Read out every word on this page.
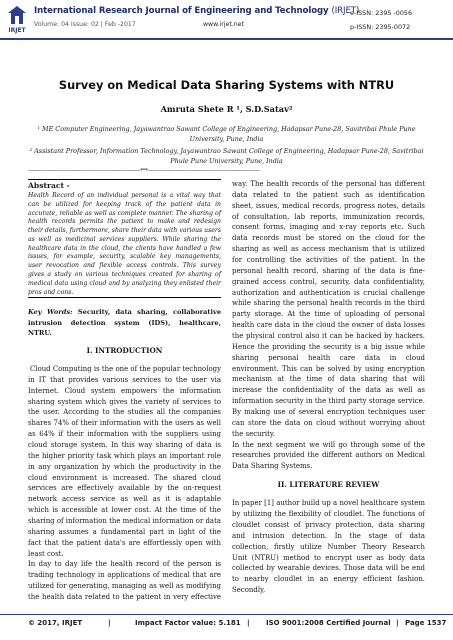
IRJET
International Research Journal of Engineering and Technology (IRJET)
Volume: 04 Issue: 02 | Feb -2017	www.irjet.net
e-ISSN: 2395 -0056
p-ISSN: 2395-0072
Survey on Medical Data Sharing Systems with NTRU
Amruta Shete R ¹, S.D.Satav²
¹ ME Computer Engineering, Jayawantrao Sawant College of Engineering, Hadapsar Pune-28, Savitribai Phule Pune University, Pune, India
² Assistant Professor, Information Technology, Jayawantrao Sawant College of Engineering, Hadapsar Pune-28, Savitribai Phule Pune University, Pune, India
------------------------------------------------------------------------***------------------------------------------------------------------------
Abstract -
Health Record of an individual personal is a vital way that can be utilized for keeping track of the patient data in accurate, reliable as well as complete manner. The sharing of health records permits the patient to make and redesign their details, furthermore, share their data with various users as well as medicinal services suppliers. While sharing the healthcare data in the cloud, the clients have handled a few issues, for example, security, scalable key managements, user revocation and flexible access controls. This survey gives a study on various techniques created for sharing of medical data using cloud and by analyzing they enlisted their pros and cons.
Key Words: Security, data sharing, collaborative intrusion detection system (IDS), healthcare, NTRU.
I. INTRODUCTION

Cloud Computing is the one of the popular technology in IT that provides various services to the user via Internet. Cloud system empowers the information sharing system which gives the variety of services to the user. According to the studies all the companies shares 74% of their information with the users as well as 64% if their information with the suppliers using cloud storage system. In this way sharing of data is the higher priority task which plays an important role in any organization by which the productivity in the cloud environment is increased. The shared cloud services are effectively available by the on-request network access service as well as it is adaptable which is accessible at lower cost. At the time of the sharing of information the medical information or data sharing assumes a fundamental part in light of the fact that the patient data's are effortlessly open with least cost.

In day to day life the health record of the person is trading technology in applications of medical that are utilized for generating, managing as well as modifying the health data related to the patient in very effective

way. The health records of the personal has different data related to the patient such as identification sheet, issues, medical records, progress notes, details of consultation, lab reports, immunization records, consent forms, imaging and x-ray reports etc. Such data records must be stored on the cloud for the sharing as well as access mechanism that is utilized for controlling the activities of the patient. In the personal health record, sharing of the data is fine-grained access control, security, data confidentiality, authorization and authentication is crucial challenge while sharing the personal health records in the third party storage. At the time of uploading of personal health care data in the cloud the owner of data losses the physical control also it can be hacked by hackers. Hence the providing the security is a big issue while sharing personal health care data in cloud environment. This can be solved by using encryption mechanism at the time of data sharing that will increase the confidentiality of the data as well as information security in the third party storage service. By making use of several encryption techniques user can store the data on cloud without worrying about the security.

In the next segment we will go through some of the researches provided the different authors on Medical Data Sharing Systems.

II. LITERATURE REVIEW

In paper [1] author build up a novel healthcare system by utilizing the flexibility of cloudlet. The functions of cloudlet consist of privacy protection, data sharing and intrusion detection. In the stage of data collection, firstly utilize Number Theory Research Unit (NTRU) method to encrypt user as body data collected by wearable devices. Those data will be end to nearby cloudlet in an energy efficient fashion. Secondly,

© 2017, IRJET	|	Impact Factor value: 5.181 | ISO 9001:2008 Certified Journal | Page 1537
